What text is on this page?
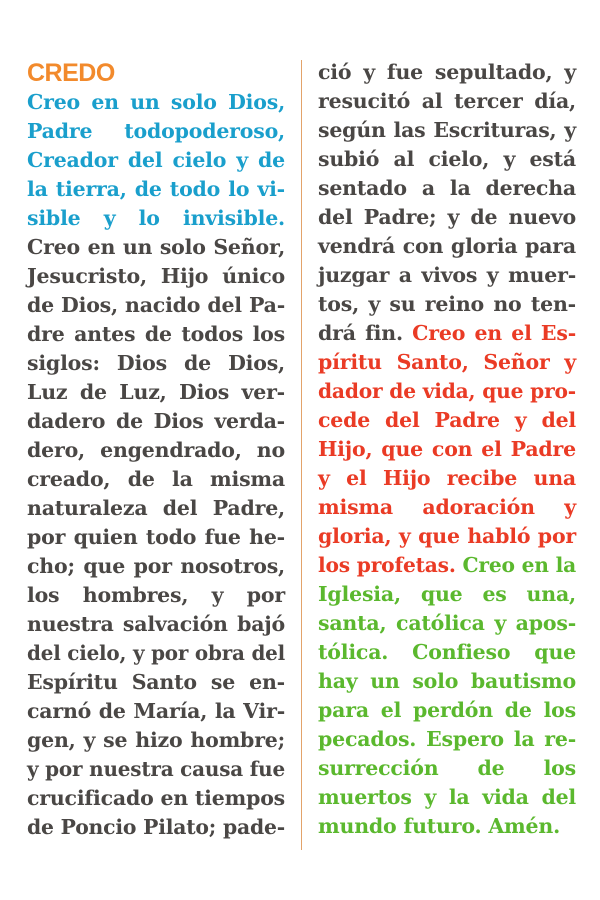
CREDO
Creo en un solo Dios,
Padre todopoderoso,
Creador del cielo y de
la tierra, de todo lo vi-
sible y lo invisible.
Creo en un solo Señor,
Jesucristo, Hijo único
de Dios, nacido del Pa-
dre antes de todos los
siglos: Dios de Dios,
Luz de Luz, Dios ver-
dadero de Dios verda-
dero, engendrado, no
creado, de la misma
naturaleza del Padre,
por quien todo fue he-
cho; que por nosotros,
los hombres, y por
nuestra salvación bajó
del cielo, y por obra del
Espíritu Santo se en-
carnó de María, la Vir-
gen, y se hizo hombre;
y por nuestra causa fue
crucificado en tiempos
de Poncio Pilato; pade-
ció y fue sepultado, y
resucitó al tercer día,
según las Escrituras, y
subió al cielo, y está
sentado a la derecha
del Padre; y de nuevo
vendrá con gloria para
juzgar a vivos y muer-
tos, y su reino no ten-
drá fin. Creo en el Es-
píritu Santo, Señor y
dador de vida, que pro-
cede del Padre y del
Hijo, que con el Padre
y el Hijo recibe una
misma adoración y
gloria, y que habló por
los profetas. Creo en la
Iglesia, que es una,
santa, católica y apos-
tólica. Confieso que
hay un solo bautismo
para el perdón de los
pecados. Espero la re-
surrección de los
muertos y la vida del
mundo futuro. Amén.
